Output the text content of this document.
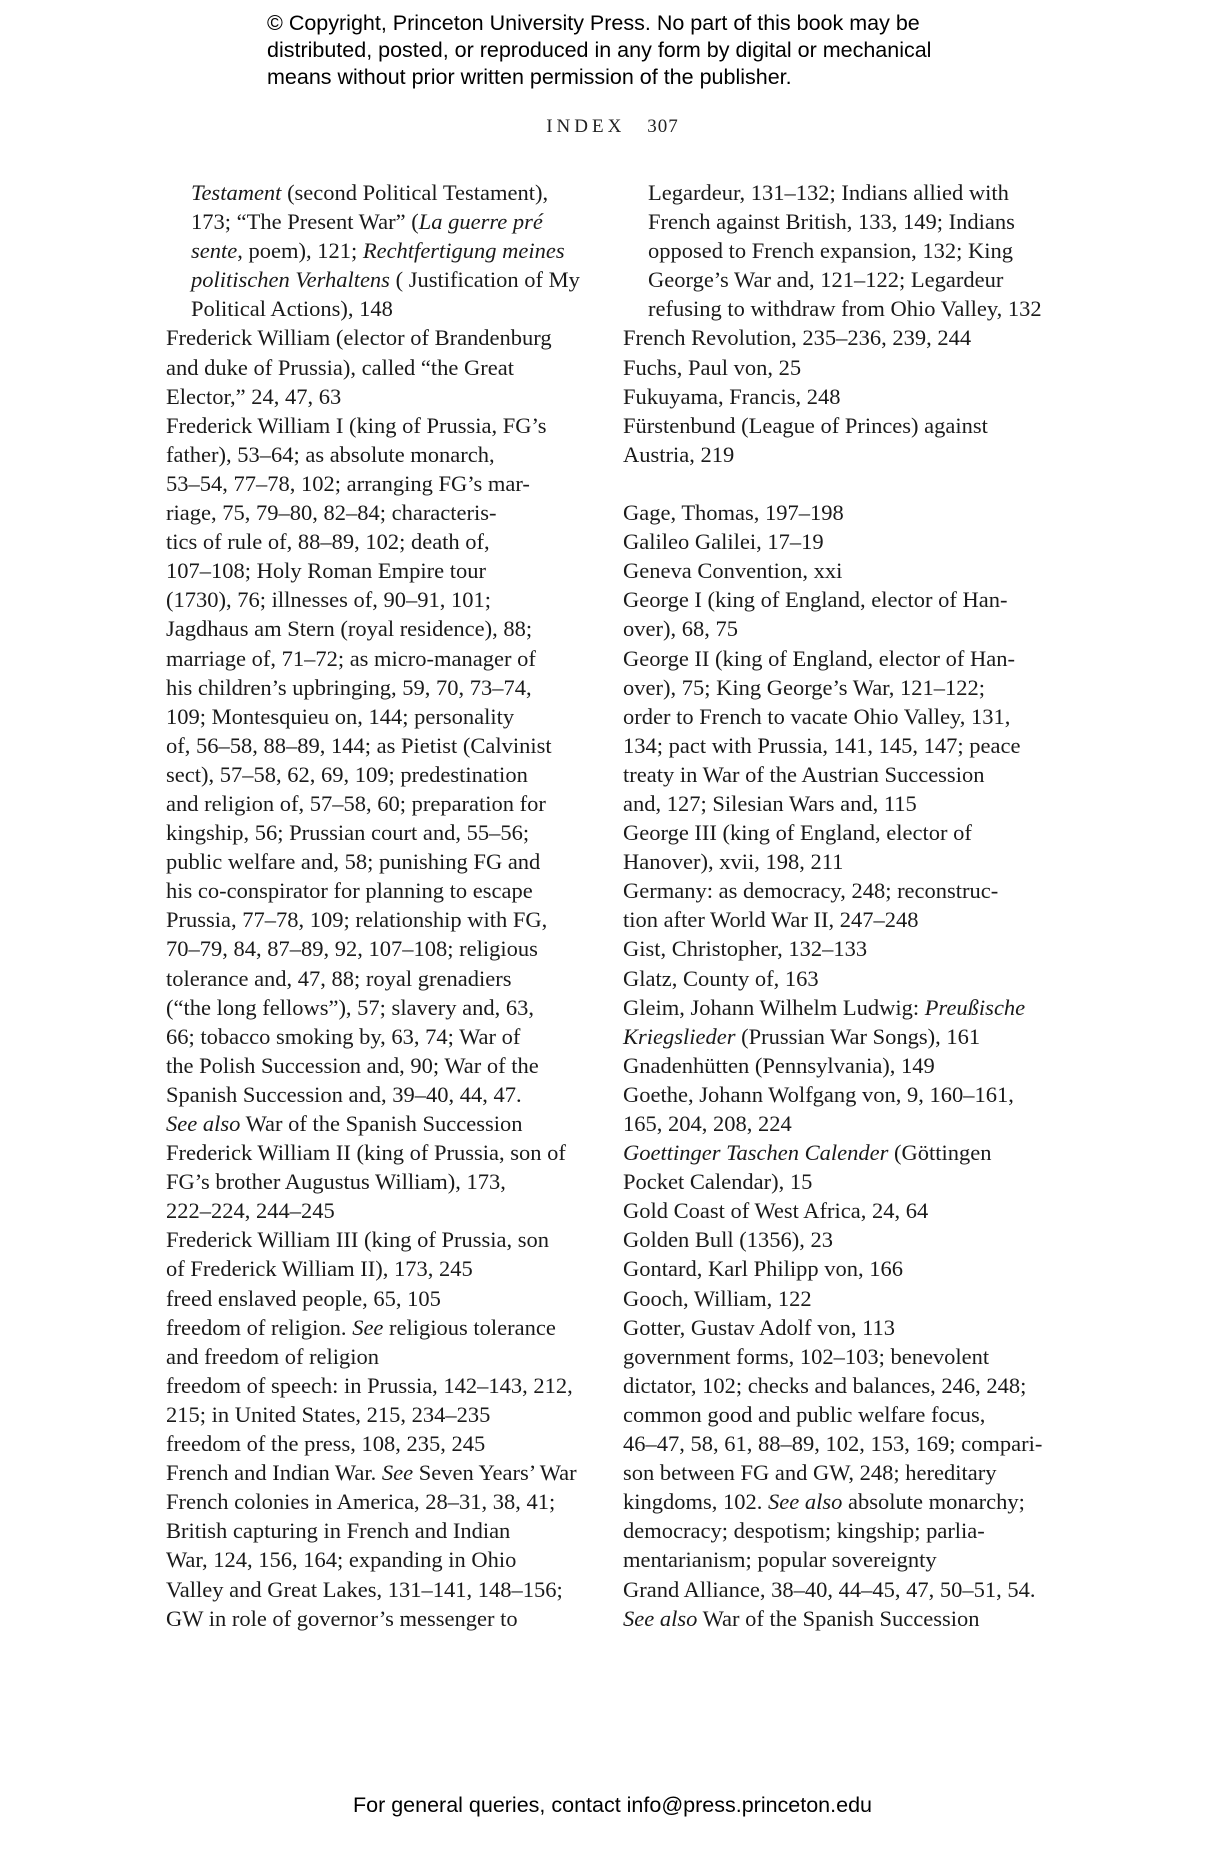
© Copyright, Princeton University Press. No part of this book may be
distributed, posted, or reproduced in any form by digital or mechanical
means without prior written permission of the publisher.
INDEX 307

Testament (second Political Testament),
173; “The Present War” (La guerre pré
sente, poem), 121; Rechtfertigung meines
politischen Verhaltens ( Justification of My
Political Actions), 148

Frederick William (elector of Brandenburg
and duke of Prussia), called “the Great
Elector,” 24, 47, 63

Frederick William I (king of Prussia, FG’s
father), 53–64; as absolute monarch,
53–54, 77–78, 102; arranging FG’s mar-
riage, 75, 79–80, 82–84; characteris-
tics of rule of, 88–89, 102; death of,
107–108; Holy Roman Empire tour
(1730), 76; illnesses of, 90–91, 101;
Jagdhaus am Stern (royal residence), 88;
marriage of, 71–72; as micro-manager of
his children’s upbringing, 59, 70, 73–74,
109; Montesquieu on, 144; personality
of, 56–58, 88–89, 144; as Pietist (Calvinist
sect), 57–58, 62, 69, 109; predestination
and religion of, 57–58, 60; preparation for
kingship, 56; Prussian court and, 55–56;
public welfare and, 58; punishing FG and
his co-conspirator for planning to escape
Prussia, 77–78, 109; relationship with FG,
70–79, 84, 87–89, 92, 107–108; religious
tolerance and, 47, 88; royal grenadiers
(“the long fellows”), 57; slavery and, 63,
66; tobacco smoking by, 63, 74; War of
the Polish Succession and, 90; War of the
Spanish Succession and, 39–40, 44, 47.
See also War of the Spanish Succession

Frederick William II (king of Prussia, son of
FG’s brother Augustus William), 173,
222–224, 244–245

Frederick William III (king of Prussia, son
of Frederick William II), 173, 245

freed enslaved people, 65, 105

freedom of religion. See religious tolerance
and freedom of religion

freedom of speech: in Prussia, 142–143, 212,
215; in United States, 215, 234–235

freedom of the press, 108, 235, 245

French and Indian War. See Seven Years’ War

French colonies in America, 28–31, 38, 41;
British capturing in French and Indian
War, 124, 156, 164; expanding in Ohio
Valley and Great Lakes, 131–141, 148–156;
GW in role of governor’s messenger to

Legardeur, 131–132; Indians allied with
French against British, 133, 149; Indians
opposed to French expansion, 132; King
George’s War and, 121–122; Legardeur
refusing to withdraw from Ohio Valley, 132

French Revolution, 235–236, 239, 244

Fuchs, Paul von, 25

Fukuyama, Francis, 248

Fürstenbund (League of Princes) against
Austria, 219

Gage, Thomas, 197–198

Galileo Galilei, 17–19

Geneva Convention, xxi

George I (king of England, elector of Han-
over), 68, 75

George II (king of England, elector of Han-
over), 75; King George’s War, 121–122;
order to French to vacate Ohio Valley, 131,
134; pact with Prussia, 141, 145, 147; peace
treaty in War of the Austrian Succession
and, 127; Silesian Wars and, 115

George III (king of England, elector of
Hanover), xvii, 198, 211

Germany: as democracy, 248; reconstruc-
tion after World War II, 247–248

Gist, Christopher, 132–133

Glatz, County of, 163

Gleim, Johann Wilhelm Ludwig: Preußische
Kriegslieder (Prussian War Songs), 161

Gnadenhütten (Pennsylvania), 149

Goethe, Johann Wolfgang von, 9, 160–161,
165, 204, 208, 224

Goettinger Taschen Calender (Göttingen
Pocket Calendar), 15

Gold Coast of West Africa, 24, 64

Golden Bull (1356), 23

Gontard, Karl Philipp von, 166

Gooch, William, 122

Gotter, Gustav Adolf von, 113

government forms, 102–103; benevolent
dictator, 102; checks and balances, 246, 248;
common good and public welfare focus,
46–47, 58, 61, 88–89, 102, 153, 169; compari-
son between FG and GW, 248; hereditary
kingdoms, 102. See also absolute monarchy;
democracy; despotism; kingship; parlia-
mentarianism; popular sovereignty

Grand Alliance, 38–40, 44–45, 47, 50–51, 54.
See also War of the Spanish Succession

For general queries, contact info@press.princeton.edu
